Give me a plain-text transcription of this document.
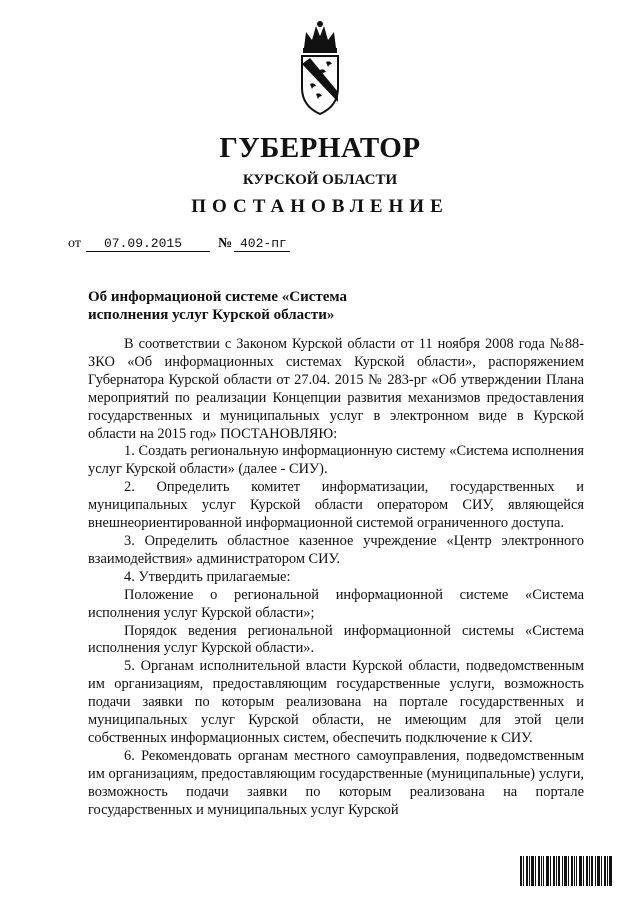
ГУБЕРНАТОР
КУРСКОЙ ОБЛАСТИ
ПОСТАНОВЛЕНИЕ
от 07.09.2015	№ 402-пг
Об информационой системе «Система
исполнения услуг Курской области»

В соответствии с Законом Курской области от 11 ноября 2008 года №88-ЗКО «Об информационных системах Курской области», распоряжением Губернатора Курской области от 27.04. 2015 № 283-рг «Об утверждении Плана мероприятий по реализации Концепции развития механизмов предоставления государственных и муниципальных услуг в электронном виде в Курской области на 2015 год» ПОСТАНОВЛЯЮ:

1. Создать региональную информационную систему «Система исполнения услуг Курской области» (далее - СИУ).

2. Определить комитет информатизации, государственных и муниципальных услуг Курской области оператором СИУ, являющейся внешнеориентированной информационной системой ограниченного доступа.

3. Определить областное казенное учреждение «Центр электронного взаимодействия» администратором СИУ.

4. Утвердить прилагаемые:

Положение о региональной информационной системе «Система исполнения услуг Курской области»;

Порядок ведения региональной информационной системы «Система исполнения услуг Курской области».

5. Органам исполнительной власти Курской области, подведомственным им организациям, предоставляющим государственные услуги, возможность подачи заявки по которым реализована на портале государственных и муниципальных услуг Курской области, не имеющим для этой цели собственных информационных систем, обеспечить подключение к СИУ.

6. Рекомендовать органам местного самоуправления, подведомственным им организациям, предоставляющим государственные (муниципальные) услуги, возможность подачи заявки по которым реализована на портале государственных и муниципальных услуг Курской
